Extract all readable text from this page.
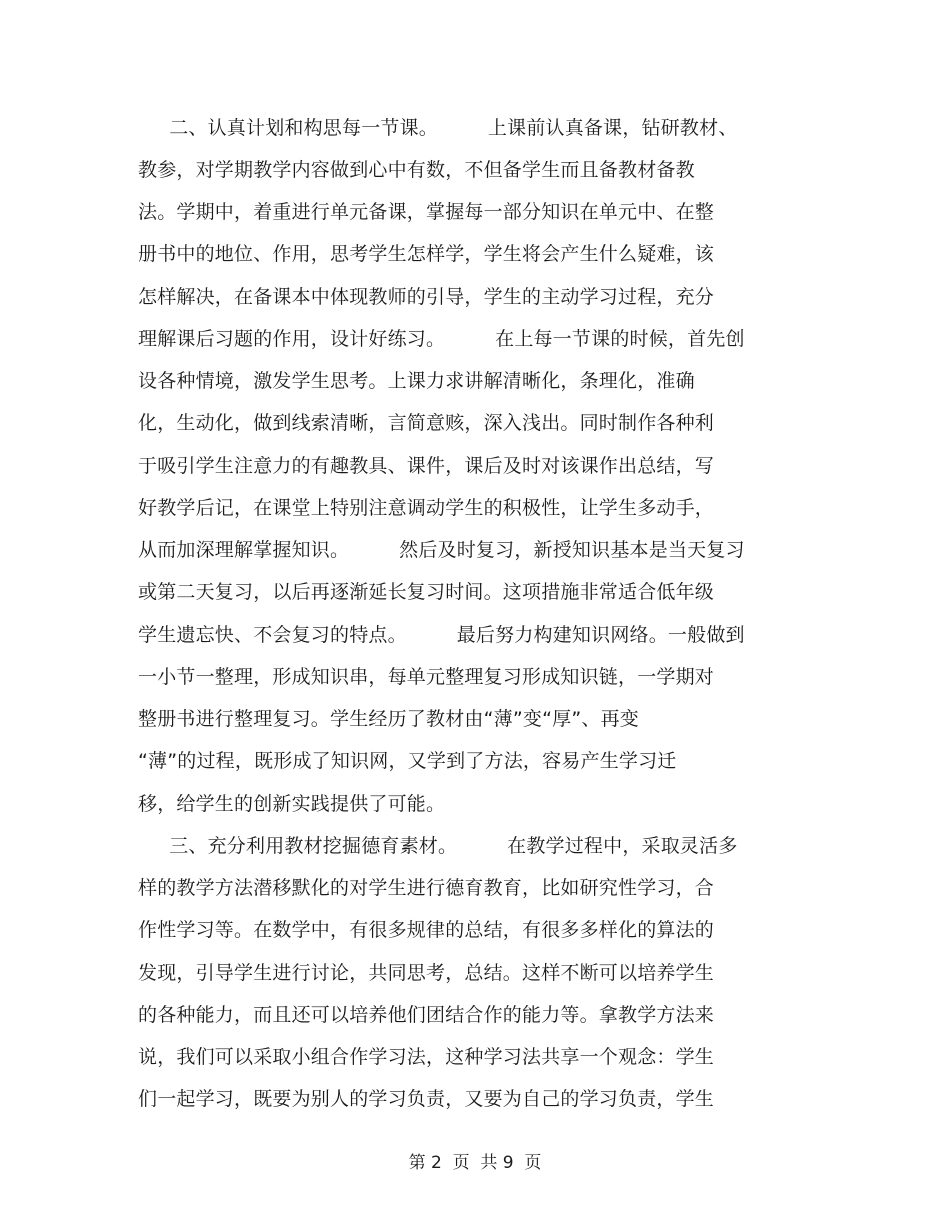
二、认真计划和构思每一节课。        上课前认真备课，钻研教材、
教参，对学期教学内容做到心中有数，不但备学生而且备教材备教
法。学期中，着重进行单元备课，掌握每一部分知识在单元中、在整
册书中的地位、作用，思考学生怎样学，学生将会产生什么疑难，该
怎样解决，在备课本中体现教师的引导，学生的主动学习过程，充分
理解课后习题的作用，设计好练习。        在上每一节课的时候，首先创
设各种情境，激发学生思考。上课力求讲解清晰化，条理化，准确
化，生动化，做到线索清晰，言简意赅，深入浅出。同时制作各种利
于吸引学生注意力的有趣教具、课件，课后及时对该课作出总结，写
好教学后记，在课堂上特别注意调动学生的积极性，让学生多动手，
从而加深理解掌握知识。        然后及时复习，新授知识基本是当天复习
或第二天复习，以后再逐渐延长复习时间。这项措施非常适合低年级
学生遗忘快、不会复习的特点。        最后努力构建知识网络。一般做到
一小节一整理，形成知识串，每单元整理复习形成知识链，一学期对
整册书进行整理复习。学生经历了教材由“薄”变“厚”、再变
“薄”的过程，既形成了知识网，又学到了方法，容易产生学习迁
移，给学生的创新实践提供了可能。
三、充分利用教材挖掘德育素材。        在教学过程中，采取灵活多
样的教学方法潜移默化的对学生进行德育教育，比如研究性学习，合
作性学习等。在数学中，有很多规律的总结，有很多多样化的算法的
发现，引导学生进行讨论，共同思考，总结。这样不断可以培养学生
的各种能力，而且还可以培养他们团结合作的能力等。拿教学方法来
说，我们可以采取小组合作学习法，这种学习法共享一个观念：学生
们一起学习，既要为别人的学习负责，又要为自己的学习负责，学生
第 2  页  共 9  页
